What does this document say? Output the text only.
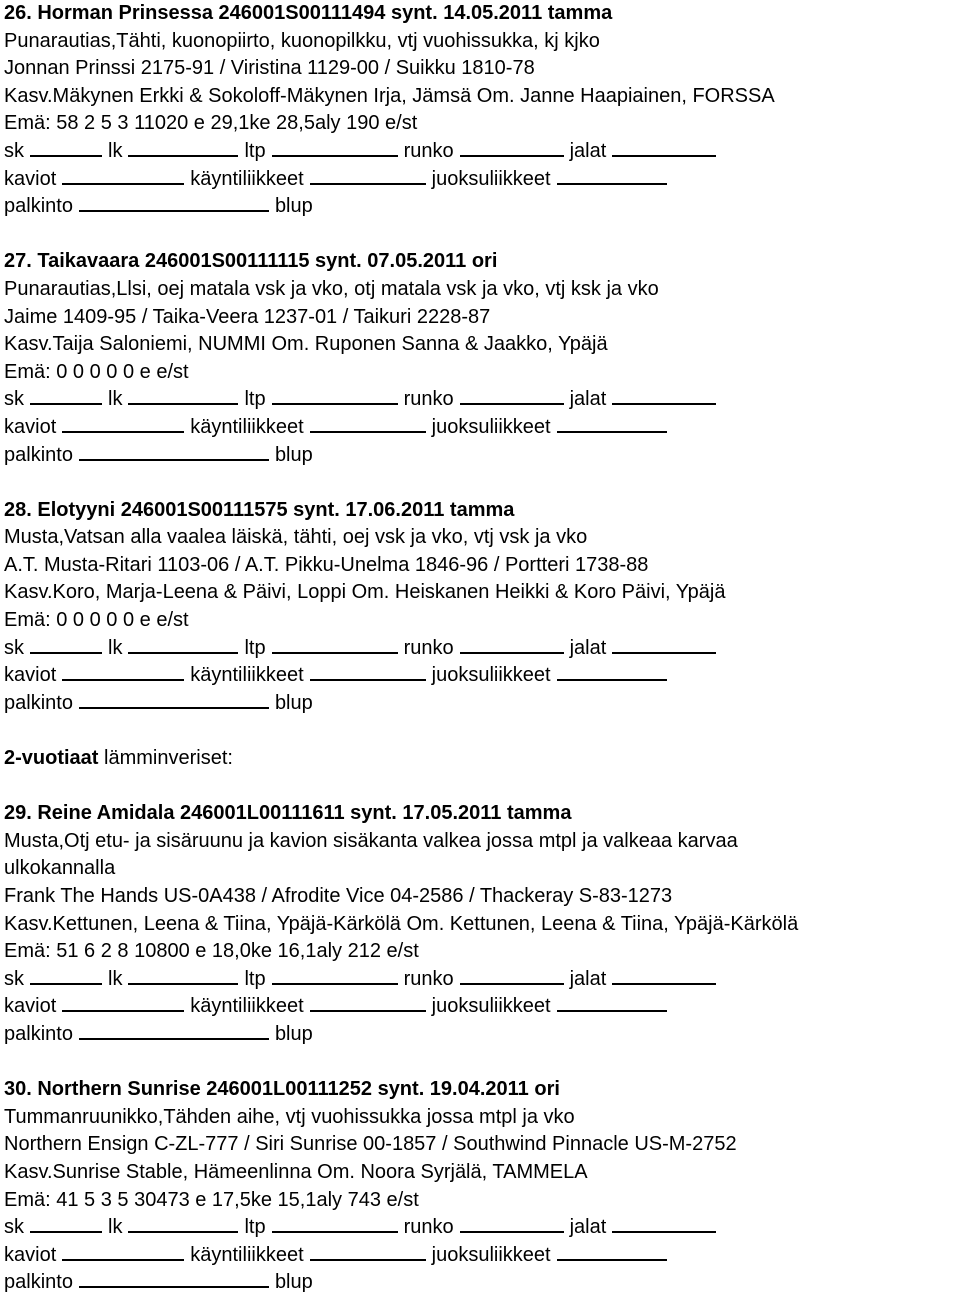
26. Horman Prinsessa 246001S00111494 synt. 14.05.2011 tamma
Punarautias,Tähti, kuonopiirto, kuonopilkku, vtj vuohissukka, kj kjko
Jonnan Prinssi 2175-91 / Viristina 1129-00 / Suikku 1810-78
Kasv.Mäkynen Erkki & Sokoloff-Mäkynen Irja, Jämsä Om. Janne Haapiainen, FORSSA
Emä: 58 2 5 3 11020 e 29,1ke 28,5aly 190 e/st
sk	lk	ltp	runko	jalat
kaviot	käyntiliikkeet	juoksuliikkeet
palkinto	blup
27. Taikavaara 246001S00111115 synt. 07.05.2011 ori
Punarautias,Llsi, oej matala vsk ja vko, otj matala vsk ja vko, vtj ksk ja vko
Jaime 1409-95 / Taika-Veera 1237-01 / Taikuri 2228-87
Kasv.Taija Saloniemi, NUMMI Om. Ruponen Sanna & Jaakko, Ypäjä
Emä: 0 0 0 0 0 e e/st
sk	lk	ltp	runko	jalat
kaviot	käyntiliikkeet	juoksuliikkeet
palkinto	blup
28. Elotyyni 246001S00111575 synt. 17.06.2011 tamma
Musta,Vatsan alla vaalea läiskä, tähti, oej vsk ja vko, vtj vsk ja vko
A.T. Musta-Ritari 1103-06 / A.T. Pikku-Unelma 1846-96 / Portteri 1738-88
Kasv.Koro, Marja-Leena & Päivi, Loppi Om. Heiskanen Heikki & Koro Päivi, Ypäjä
Emä: 0 0 0 0 0 e e/st
sk	lk	ltp	runko	jalat
kaviot	käyntiliikkeet	juoksuliikkeet
palkinto	blup
2-vuotiaat lämminveriset:
29. Reine Amidala 246001L00111611 synt. 17.05.2011 tamma
Musta,Otj etu- ja sisäruunu ja kavion sisäkanta valkea jossa mtpl ja valkeaa karvaa
ulkokannalla
Frank The Hands US-0A438 / Afrodite Vice 04-2586 / Thackeray S-83-1273
Kasv.Kettunen, Leena & Tiina, Ypäjä-Kärkölä Om. Kettunen, Leena & Tiina, Ypäjä-Kärkölä
Emä: 51 6 2 8 10800 e 18,0ke 16,1aly 212 e/st
sk	lk	ltp	runko	jalat
kaviot	käyntiliikkeet	juoksuliikkeet
palkinto	blup
30. Northern Sunrise 246001L00111252 synt. 19.04.2011 ori
Tummanruunikko,Tähden aihe, vtj vuohissukka jossa mtpl ja vko
Northern Ensign C-ZL-777 / Siri Sunrise 00-1857 / Southwind Pinnacle US-M-2752
Kasv.Sunrise Stable, Hämeenlinna Om. Noora Syrjälä, TAMMELA
Emä: 41 5 3 5 30473 e 17,5ke 15,1aly 743 e/st
sk	lk	ltp	runko	jalat
kaviot	käyntiliikkeet	juoksuliikkeet
palkinto	blup
